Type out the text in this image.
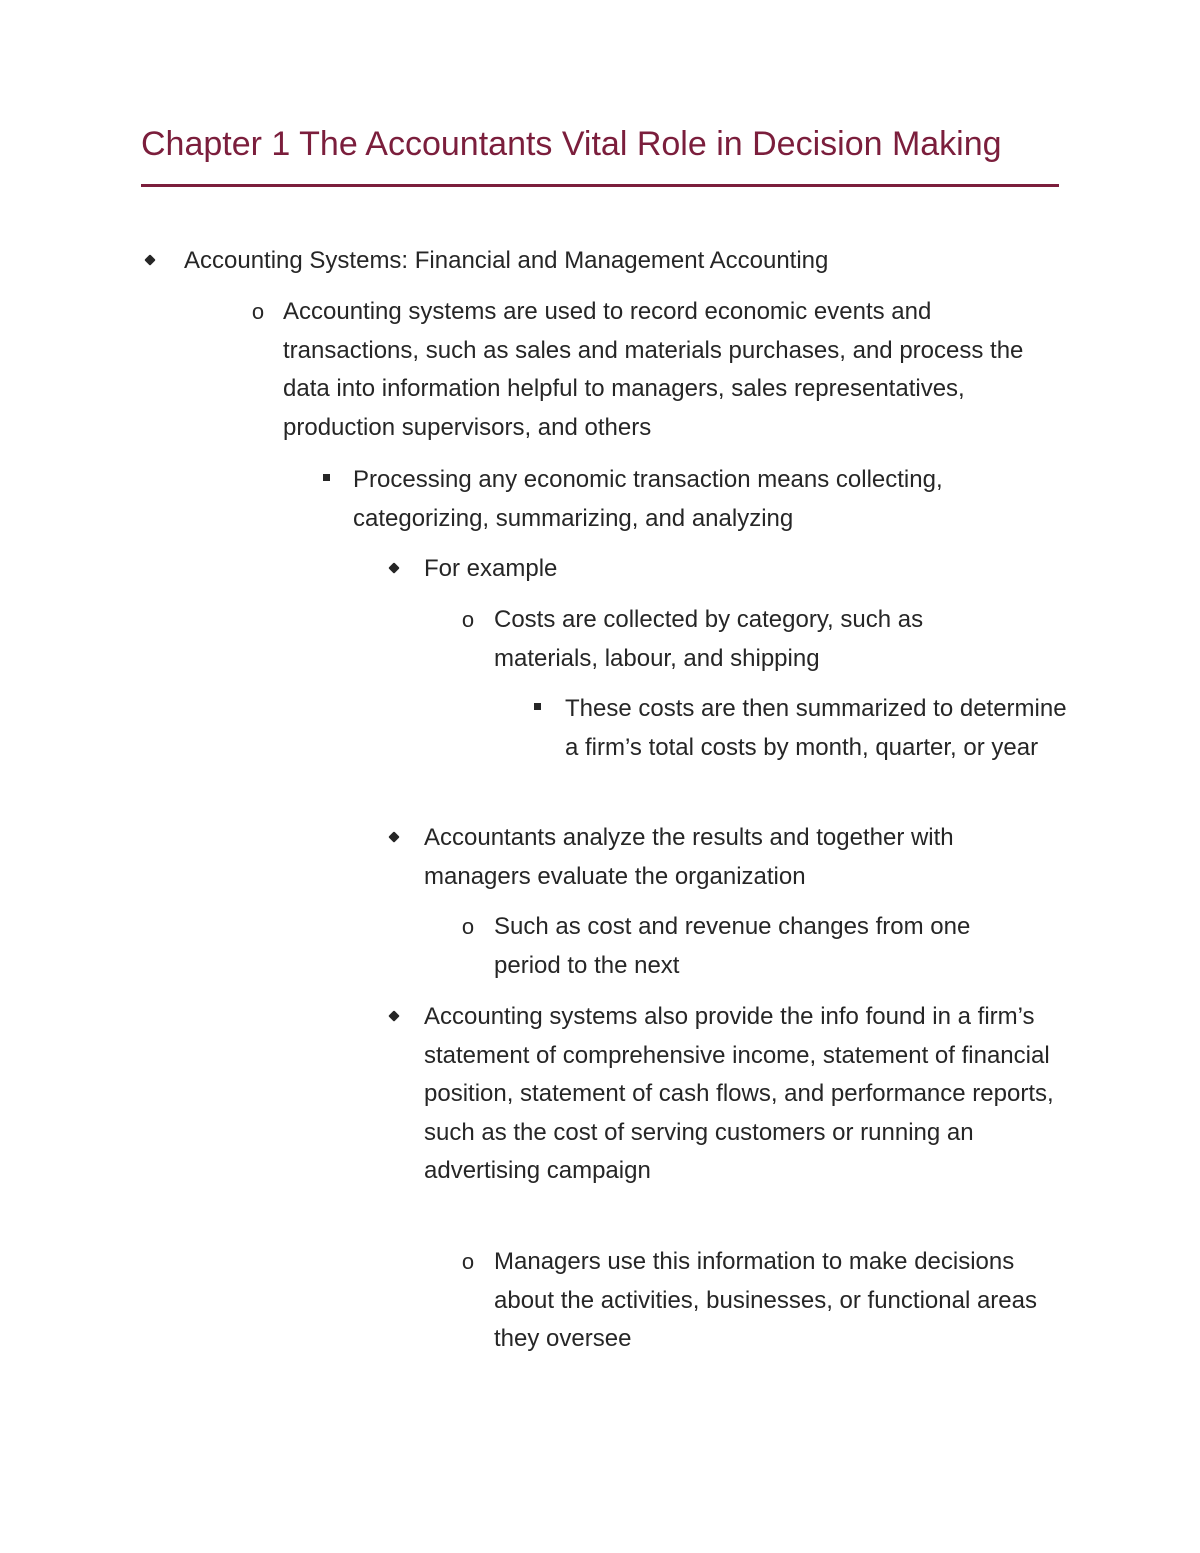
Chapter 1 The Accountants Vital Role in Decision Making
Accounting Systems: Financial and Management Accounting
o Accounting systems are used to record economic events and transactions, such as sales and materials purchases, and process the data into information helpful to managers, sales representatives, production supervisors, and others
Processing any economic transaction means collecting, categorizing, summarizing, and analyzing
For example
o Costs are collected by category, such as materials, labour, and shipping
These costs are then summarized to determine a firm’s total costs by month, quarter, or year
Accountants analyze the results and together with managers evaluate the organization
o Such as cost and revenue changes from one period to the next
Accounting systems also provide the info found in a firm’s statement of comprehensive income, statement of financial position, statement of cash flows, and performance reports, such as the cost of serving customers or running an advertising campaign
o Managers use this information to make decisions about the activities, businesses, or functional areas they oversee
